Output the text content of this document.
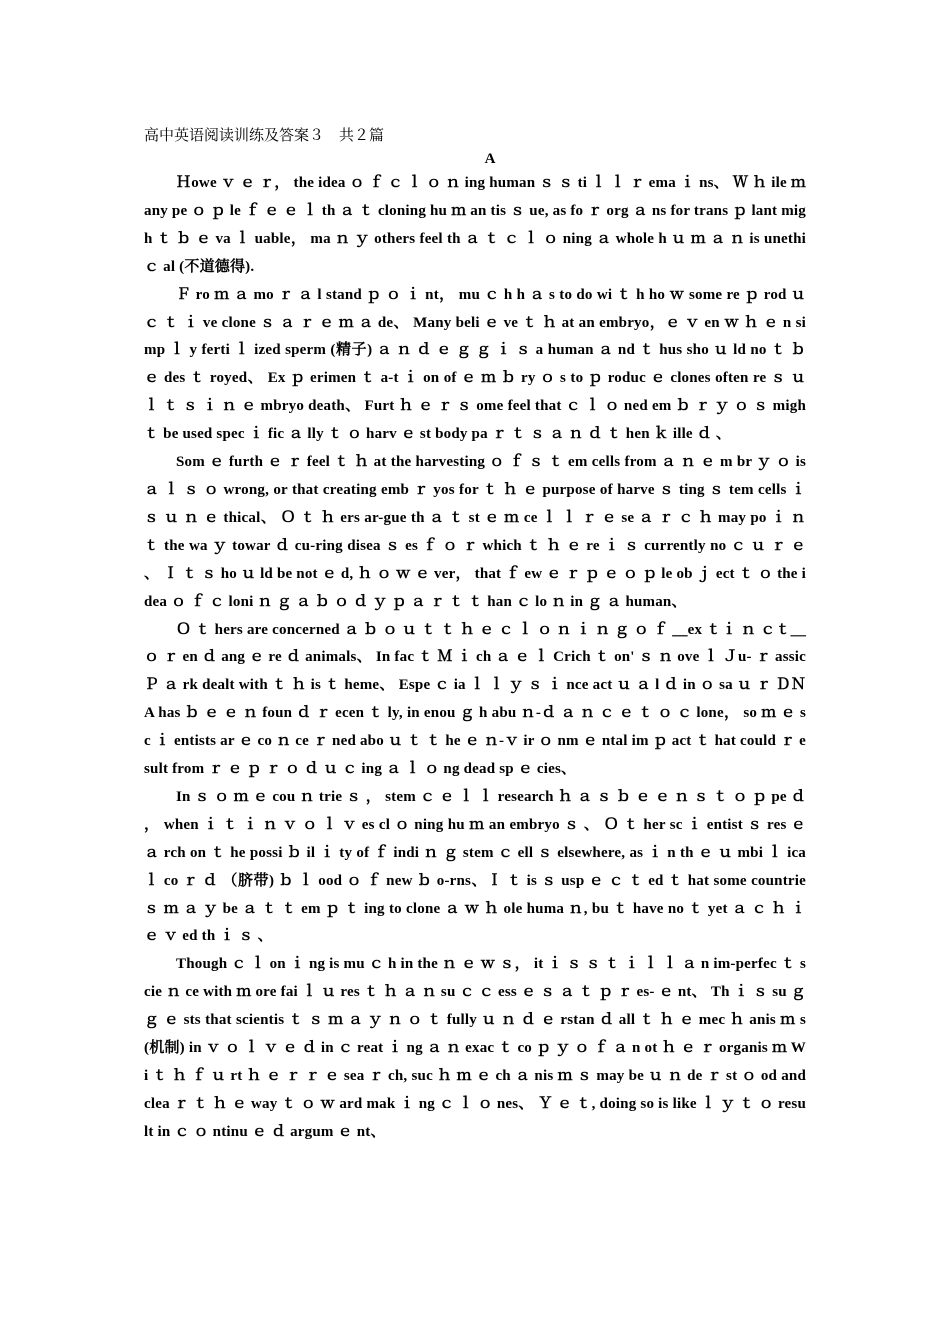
高中英语阅读训练及答案３　共２篇
A

Ｈowe ｖ ｅ ｒ， the idea ｏ ｆ ｃ ｌ ｏ ｎ ing human ｓ ｓ ti ｌ ｌ ｒ ema ｉ ns、 Ｗ ｈ ile ｍ any pe ｏ ｐ le ｆ ｅ ｅ ｌ th ａ ｔ cloning hu ｍ an tis ｓ ue, as fo ｒ org ａ ns for trans ｐ lant migh ｔ ｂ ｅ va ｌ uable， ma ｎ ｙ others feel th ａ ｔ ｃ ｌ ｏ ning ａ whole h ｕ ｍ ａ ｎ is unethi ｃ al (不道德得).

Ｆ ro ｍ ａ mo ｒ ａ l stand ｐ ｏ ｉ nt， mu ｃ h h ａ s to do wi ｔ h ho ｗ some re ｐ rod ｕ ｃ ｔ ｉ ve clone ｓ ａ ｒ ｅ ｍ ａ de、 Many beli ｅ ve ｔ ｈ at an embryo，ｅ ｖ en ｗ ｈ ｅ n simp ｌ y ferti ｌ ized sperm (精子) ａ ｎ ｄ ｅ ｇ ｇ ｉ ｓ a human ａ nd ｔ hus sho ｕ ld no ｔ ｂ ｅ des ｔ royed、 Ex ｐ erimen ｔ a-t ｉ on of ｅ ｍ ｂ ry ｏ s to ｐ roduc ｅ clones often re ｓ ｕ ｌ ｔ ｓ ｉ ｎ ｅ mbryo death、 Furt ｈ ｅ ｒ ｓ ome feel that ｃ ｌ ｏ ned em ｂ ｒ ｙ ｏ ｓ migh ｔ be used spec ｉ fic ａ lly ｔ ｏ harv ｅ st body pa ｒ ｔ ｓ ａ ｎ ｄ ｔ hen ｋ ille ｄ 、

Som ｅ furth ｅ ｒ feel ｔ ｈ at the harvesting ｏ ｆ ｓ ｔ em cells from ａ ｎ ｅ m br ｙ ｏ is ａ ｌ ｓ ｏ wrong, or that creating emb ｒ yos for ｔ ｈ ｅ purpose of harve ｓ ting ｓ tem cells ｉ ｓ ｕ ｎ ｅ thical、 Ｏ ｔ ｈ ers ar-gue th ａ ｔ st ｅ ｍ ce ｌ ｌ ｒ ｅ se ａ ｒ ｃ ｈ may po ｉ ｎ ｔ the wa ｙ towar ｄ cu-ring disea ｓ es ｆ ｏ ｒ which ｔ ｈ ｅ re ｉ ｓ currently no ｃ ｕ ｒ ｅ 、 Ｉ ｔ ｓ ho ｕ ld be not ｅ d, ｈ ｏ ｗ ｅ ver， that ｆ ew ｅ ｒ ｐ ｅ ｏ ｐ le ob ｊ ect ｔ ｏ the idea ｏ ｆ ｃ loni ｎ ｇ ａ ｂ ｏ ｄ ｙ ｐ ａ ｒ ｔ ｔ han ｃ lo ｎ in ｇ ａ human、

Ｏ ｔ hers are concerned ａ ｂ ｏ ｕ ｔ ｔ ｈ ｅ ｃ ｌ ｏ ｎ ｉ ｎ ｇ ｏ ｆ ＿ex ｔｉ ｎ ｃｔ＿ ｏ ｒ en ｄ ang ｅ re ｄ animals、 In fac ｔ Ｍ ｉ ch ａ ｅ ｌ Crich ｔ on' ｓ ｎ ove ｌ Ｊu- ｒ assic Ｐ ａ rk dealt with ｔ ｈ is ｔ heme、 Espe ｃ ia ｌ ｌ ｙ ｓ ｉ nce act ｕ ａ l ｄ in ｏ sa ｕ ｒ ＤＮ A has ｂ ｅ ｅ ｎ foun ｄ ｒ ecen ｔ ly, in enou ｇ h abu ｎ-ｄ ａ ｎ ｃ ｅ ｔ ｏ ｃ lone， so ｍ ｅ sc ｉ entists ar ｅ co ｎ ce ｒ ned abo ｕ ｔ ｔ he ｅ ｎ-ｖ ir ｏ nm ｅ ntal im ｐ act ｔ hat could ｒ esult from ｒ ｅ ｐ ｒ ｏ ｄ ｕ ｃ ing ａ ｌ ｏ ng dead sp ｅ cies、

In ｓ ｏ ｍ ｅ cou ｎ trie ｓ ， stem ｃ ｅ ｌ ｌ research ｈ ａ ｓ ｂ ｅ ｅ ｎ ｓ ｔ ｏ ｐ pe ｄ ， when ｉ ｔ ｉ ｎ ｖ ｏ ｌ ｖ es cl ｏ ning hu ｍ an embryo ｓ 、 Ｏ ｔ her sc ｉ entist ｓ res ｅ ａ rch on ｔ he possi ｂ il ｉ ty of ｆ indi ｎ ｇ stem ｃ ell ｓ elsewhere, as ｉ n th ｅ ｕ mbi ｌ ica ｌ co ｒ ｄ （脐带) ｂ ｌ ood ｏ ｆ new ｂ o-rns、Ｉ ｔ is ｓ usp ｅ ｃ ｔ ed ｔ hat some countrie ｓ ｍ ａ ｙ be ａ ｔ ｔ em ｐ ｔ ing to clone ａ ｗ ｈ ole huma ｎ, bu ｔ have no ｔ yet ａ ｃ ｈ ｉ ｅ ｖ ed th ｉ ｓ 、

Though ｃ ｌ on ｉ ng is mu ｃ h in the ｎ ｅ ｗ ｓ， it ｉ ｓ ｓ ｔ ｉ ｌ ｌ ａ n im-perfec ｔ scie ｎ ce with ｍ ore fai ｌ ｕ res ｔ ｈ ａ ｎ su ｃ ｃ ess ｅ ｓ ａ ｔ ｐ ｒ es- ｅ nt、 Th ｉ ｓ su ｇ ｇ ｅ sts that scientis ｔ ｓ ｍ ａ ｙ ｎ ｏ ｔ fully ｕ ｎ ｄ ｅ rstan ｄ all ｔ ｈ ｅ mec ｈ anis ｍ s(机制) in ｖ ｏ ｌ ｖ ｅ ｄ in ｃ reat ｉ ng ａ ｎ exac ｔ co ｐ ｙ ｏ ｆ ａ n ot ｈ ｅ ｒ organis ｍ Wi ｔ ｈ ｆ ｕ rt ｈ ｅ ｒ ｒ ｅ sea ｒ ch, suc ｈ ｍ ｅ ch ａ nis ｍ ｓ may be ｕ ｎ de ｒ st ｏ od and clea ｒ ｔ ｈ ｅ way ｔ ｏ ｗ ard mak ｉ ng ｃ ｌ ｏ nes、 Ｙ ｅ ｔ, doing so is like ｌ ｙ ｔ ｏ result in ｃ ｏ ntinu ｅ ｄ argum ｅ nt、
